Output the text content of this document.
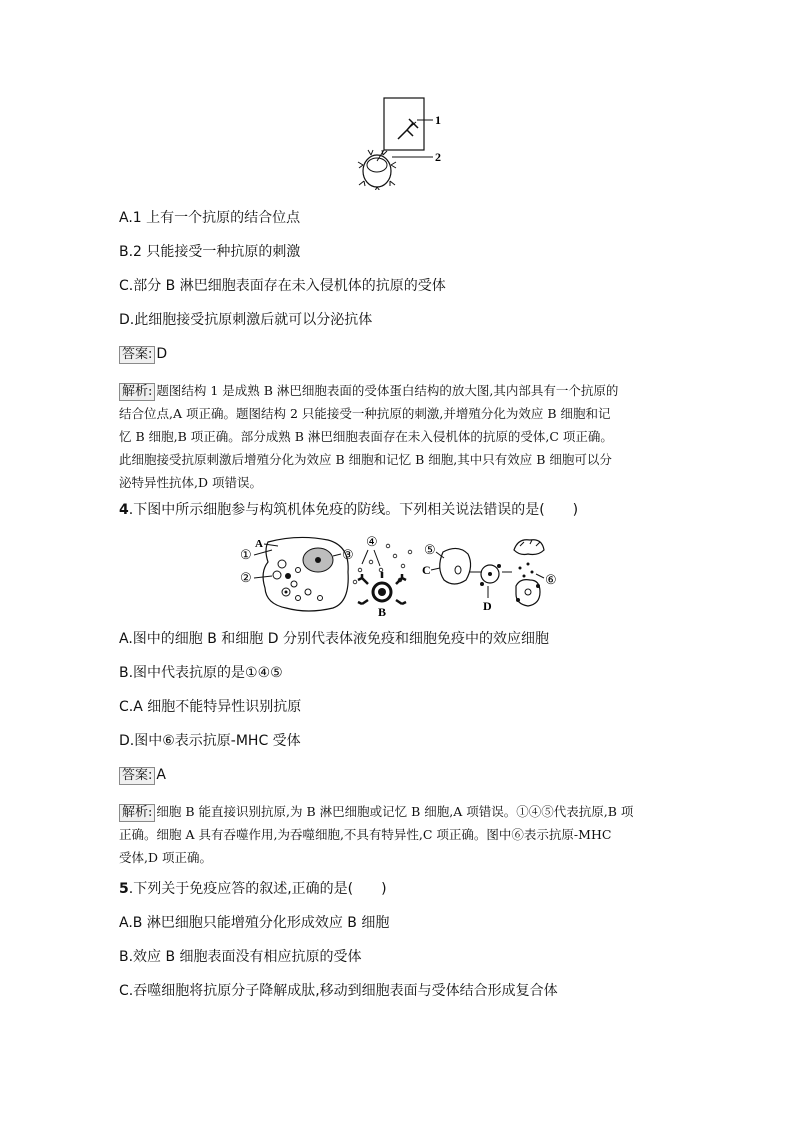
1
2
A.1 上有一个抗原的结合位点
B.2 只能接受一种抗原的刺激
C.部分 B 淋巴细胞表面存在未入侵机体的抗原的受体
D.此细胞接受抗原刺激后就可以分泌抗体
答案: D
解析: 题图结构 1 是成熟 B 淋巴细胞表面的受体蛋白结构的放大图,其内部具有一个抗原的
结合位点,A 项正确。题图结构 2 只能接受一种抗原的刺激,并增殖分化为效应 B 细胞和记
忆 B 细胞,B 项正确。部分成熟 B 淋巴细胞表面存在未入侵机体的抗原的受体,C 项正确。
此细胞接受抗原刺激后增殖分化为效应 B 细胞和记忆 B 细胞,其中只有效应 B 细胞可以分
泌特异性抗体,D 项错误。
4.下图中所示细胞参与构筑机体免疫的防线。下列相关说法错误的是(　　)
③
①
A
②
④
B
⑤
C
D
⑥
A.图中的细胞 B 和细胞 D 分别代表体液免疫和细胞免疫中的效应细胞
B.图中代表抗原的是①④⑤
C.A 细胞不能特异性识别抗原
D.图中⑥表示抗原-MHC 受体
答案: A
解析: 细胞 B 能直接识别抗原,为 B 淋巴细胞或记忆 B 细胞,A 项错误。①④⑤代表抗原,B 项
正确。细胞 A 具有吞噬作用,为吞噬细胞,不具有特异性,C 项正确。图中⑥表示抗原-MHC
受体,D 项正确。
5.下列关于免疫应答的叙述,正确的是(　　)
A.B 淋巴细胞只能增殖分化形成效应 B 细胞
B.效应 B 细胞表面没有相应抗原的受体
C.吞噬细胞将抗原分子降解成肽,移动到细胞表面与受体结合形成复合体
